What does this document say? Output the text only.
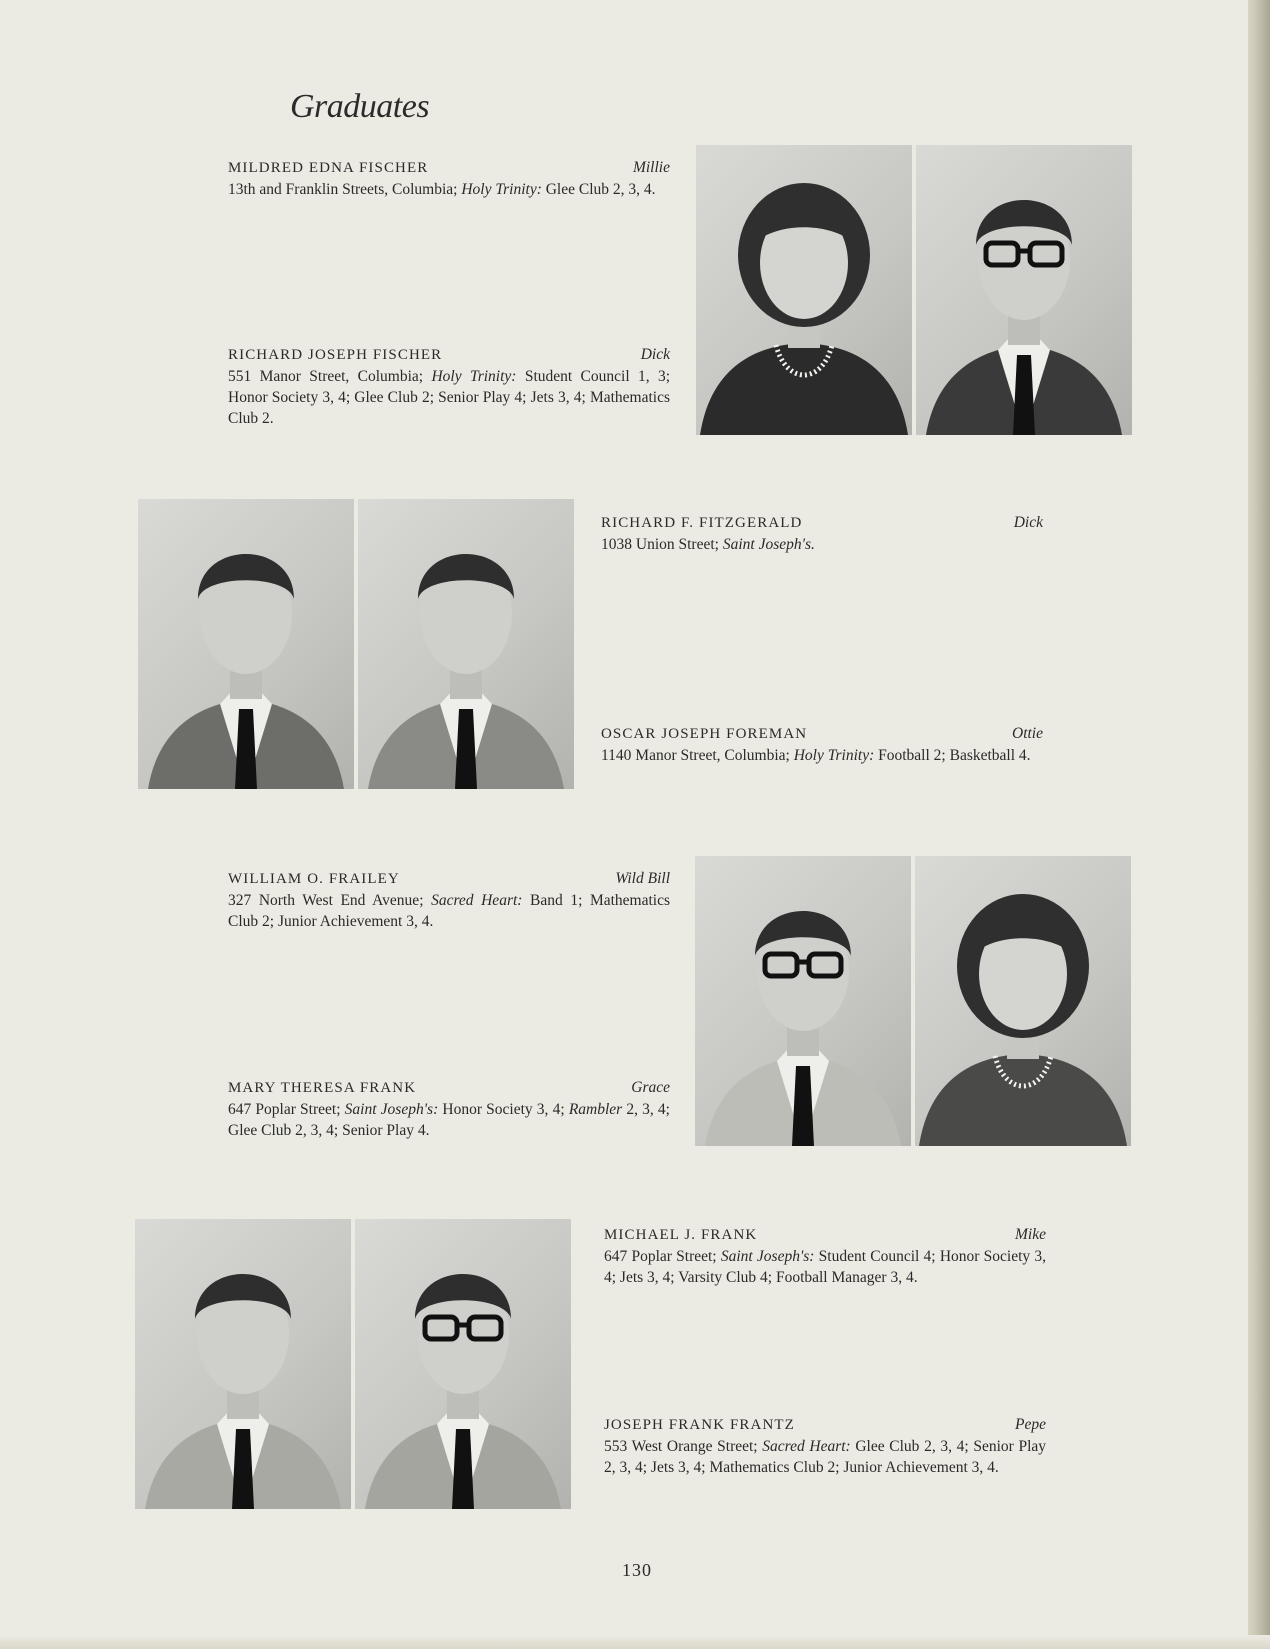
Graduates
MILDRED EDNA FISCHER	Millie
13th and Franklin Streets, Columbia; Holy Trinity: Glee Club 2, 3, 4.
RICHARD JOSEPH FISCHER	Dick
551 Manor Street, Columbia; Holy Trinity: Student Council 1, 3; Honor Society 3, 4; Glee Club 2; Senior Play 4; Jets 3, 4; Mathematics Club 2.
RICHARD F. FITZGERALD	Dick
1038 Union Street; Saint Joseph's.
OSCAR JOSEPH FOREMAN	Ottie
1140 Manor Street, Columbia; Holy Trinity: Football 2; Basketball 4.
WILLIAM O. FRAILEY	Wild Bill
327 North West End Avenue; Sacred Heart: Band 1; Mathematics Club 2; Junior Achievement 3, 4.
MARY THERESA FRANK	Grace
647 Poplar Street; Saint Joseph's: Honor Society 3, 4; Rambler 2, 3, 4; Glee Club 2, 3, 4; Senior Play 4.
MICHAEL J. FRANK	Mike
647 Poplar Street; Saint Joseph's: Student Council 4; Honor Society 3, 4; Jets 3, 4; Varsity Club 4; Football Manager 3, 4.
JOSEPH FRANK FRANTZ	Pepe
553 West Orange Street; Sacred Heart: Glee Club 2, 3, 4; Senior Play 2, 3, 4; Jets 3, 4; Mathematics Club 2; Junior Achievement 3, 4.
130
